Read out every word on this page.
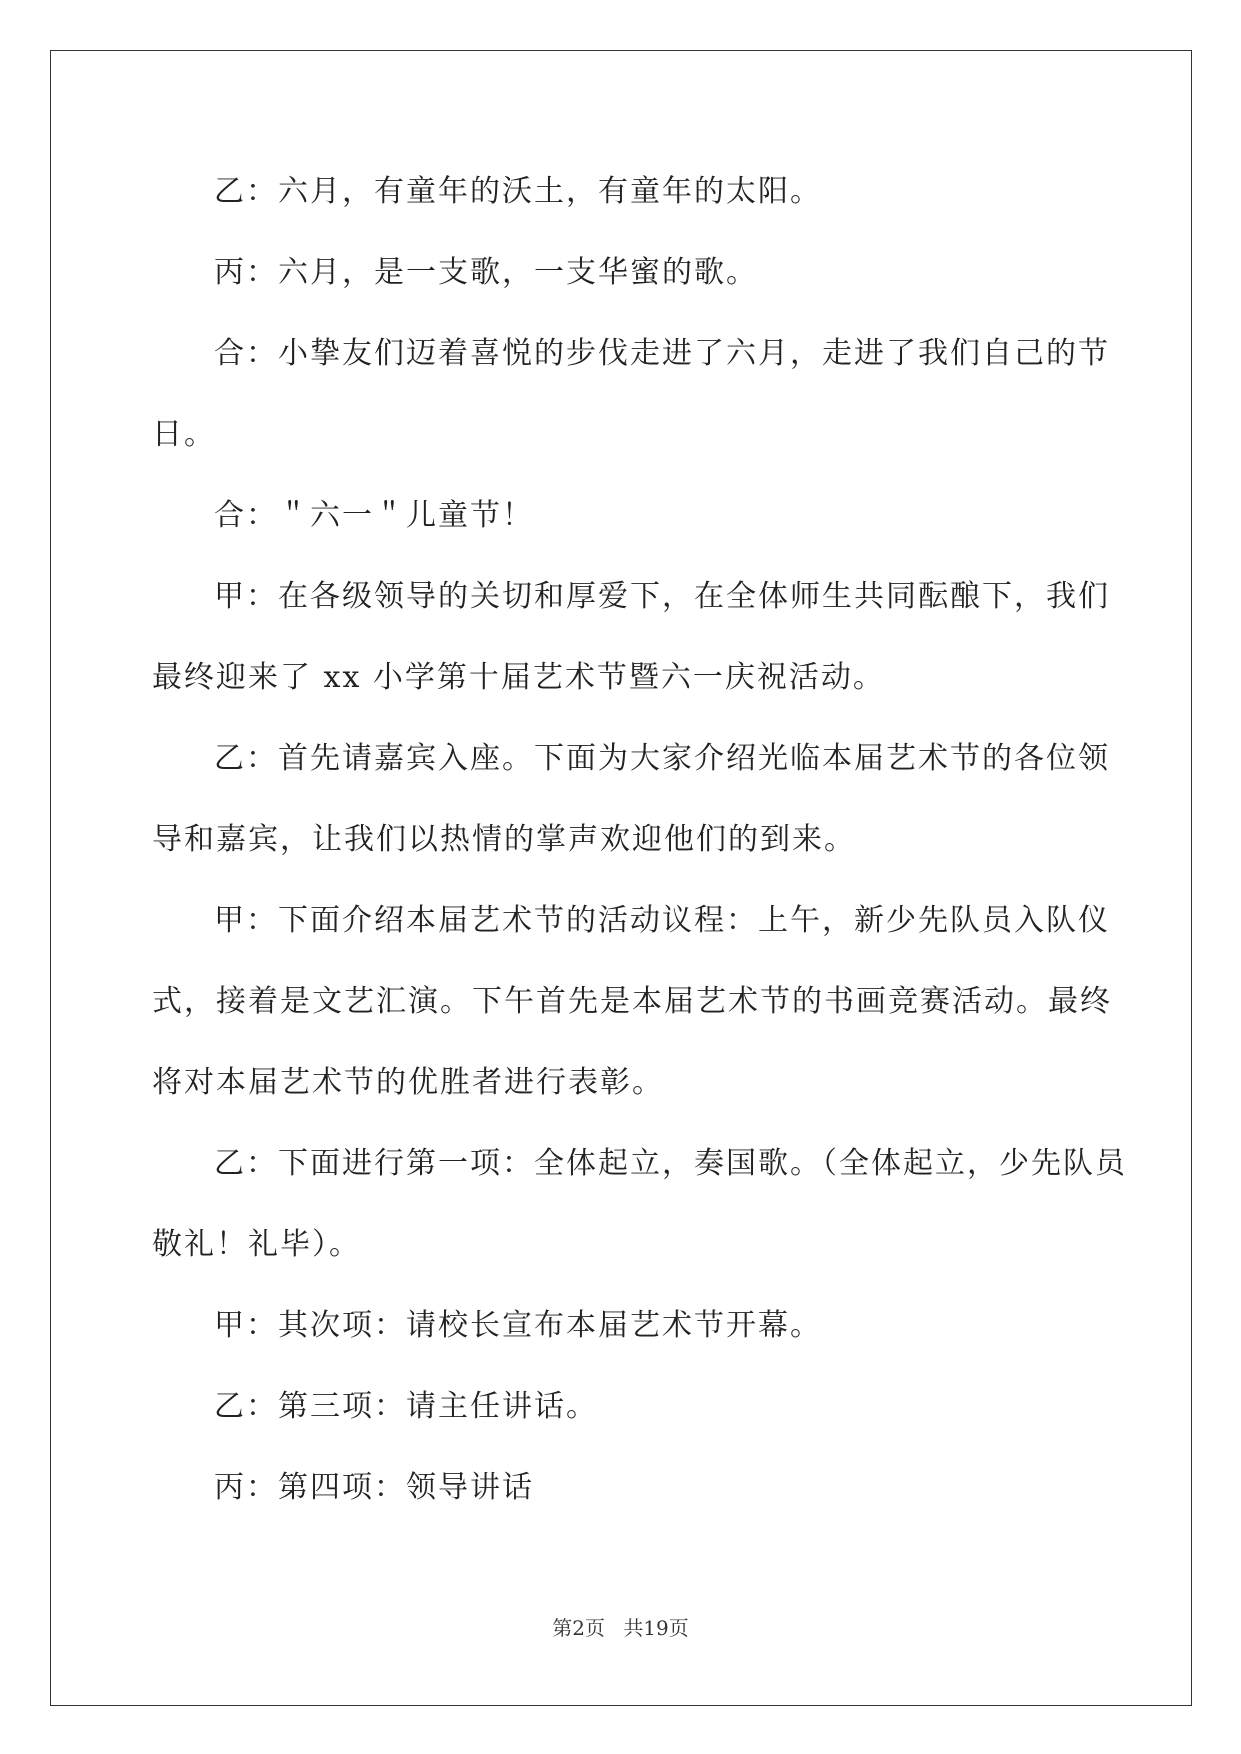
乙：六月，有童年的沃土，有童年的太阳。
丙：六月，是一支歌，一支华蜜的歌。
合：小挚友们迈着喜悦的步伐走进了六月，走进了我们自己的节
日。
合：＂六一＂儿童节！
甲：在各级领导的关切和厚爱下，在全体师生共同酝酿下，我们
最终迎来了 xx 小学第十届艺术节暨六一庆祝活动。
乙：首先请嘉宾入座。下面为大家介绍光临本届艺术节的各位领
导和嘉宾，让我们以热情的掌声欢迎他们的到来。
甲：下面介绍本届艺术节的活动议程：上午，新少先队员入队仪
式，接着是文艺汇演。下午首先是本届艺术节的书画竞赛活动。最终
将对本届艺术节的优胜者进行表彰。
乙：下面进行第一项：全体起立，奏国歌。（全体起立，少先队员
敬礼！礼毕）。
甲：其次项：请校长宣布本届艺术节开幕。
乙：第三项：请主任讲话。
丙：第四项：领导讲话
第2页 共19页
